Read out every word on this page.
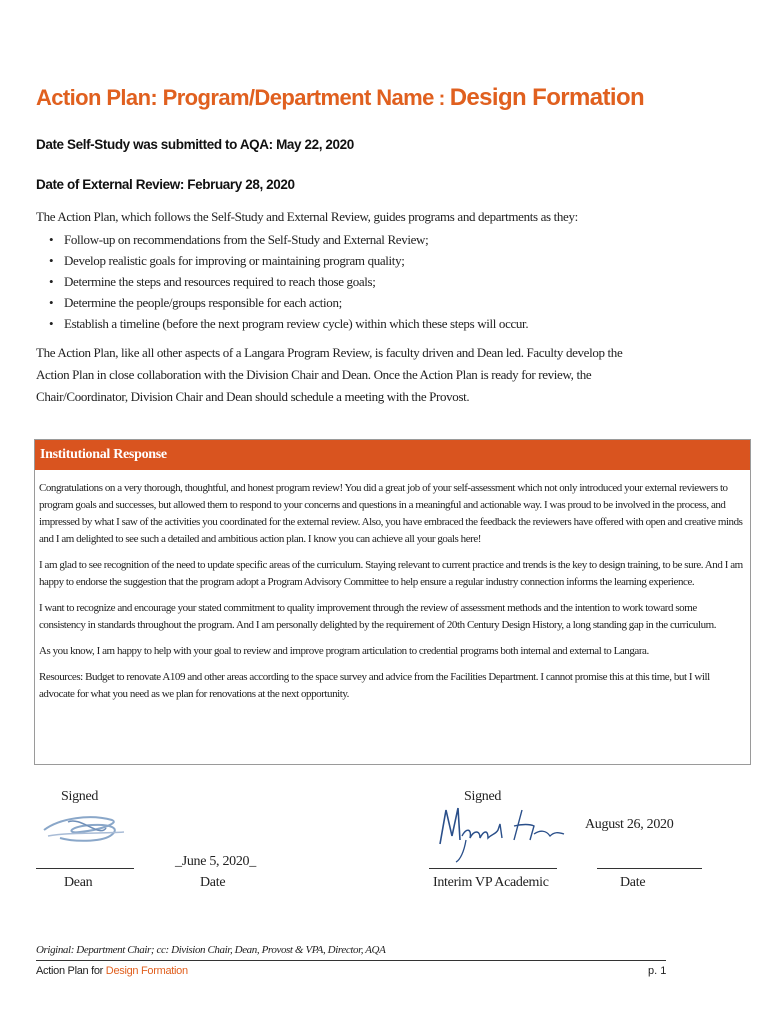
Action Plan: Program/Department Name : Design Formation
Date Self-Study was submitted to AQA: May 22, 2020
Date of External Review: February 28, 2020
The Action Plan, which follows the Self-Study and External Review, guides programs and departments as they:
• Follow-up on recommendations from the Self-Study and External Review;
• Develop realistic goals for improving or maintaining program quality;
• Determine the steps and resources required to reach those goals;
• Determine the people/groups responsible for each action;
• Establish a timeline (before the next program review cycle) within which these steps will occur.
The Action Plan, like all other aspects of a Langara Program Review, is faculty driven and Dean led. Faculty develop the Action Plan in close collaboration with the Division Chair and Dean. Once the Action Plan is ready for review, the Chair/Coordinator, Division Chair and Dean should schedule a meeting with the Provost.
Institutional Response

Congratulations on a very thorough, thoughtful, and honest program review! You did a great job of your self-assessment which not only introduced your external reviewers to program goals and successes, but allowed them to respond to your concerns and questions in a meaningful and actionable way. I was proud to be involved in the process, and impressed by what I saw of the activities you coordinated for the external review. Also, you have embraced the feedback the reviewers have offered with open and creative minds and I am delighted to see such a detailed and ambitious action plan. I know you can achieve all your goals here!

I am glad to see recognition of the need to update specific areas of the curriculum. Staying relevant to current practice and trends is the key to design training, to be sure. And I am happy to endorse the suggestion that the program adopt a Program Advisory Committee to help ensure a regular industry connection informs the learning experience.

I want to recognize and encourage your stated commitment to quality improvement through the review of assessment methods and the intention to work toward some consistency in standards throughout the program. And I am personally delighted by the requirement of 20th Century Design History, a long standing gap in the curriculum.

As you know, I am happy to help with your goal to review and improve program articulation to credential programs both internal and external to Langara.

Resources: Budget to renovate A109 and other areas according to the space survey and advice from the Facilities Department. I cannot promise this at this time, but I will advocate for what you need as we plan for renovations at the next opportunity.

Signed	Signed
August 26, 2020
_June 5, 2020_
Dean	Date	Interim VP Academic	Date
Original: Department Chair; cc: Division Chair, Dean, Provost & VPA, Director, AQA
Action Plan for Design Formation	p. 1
